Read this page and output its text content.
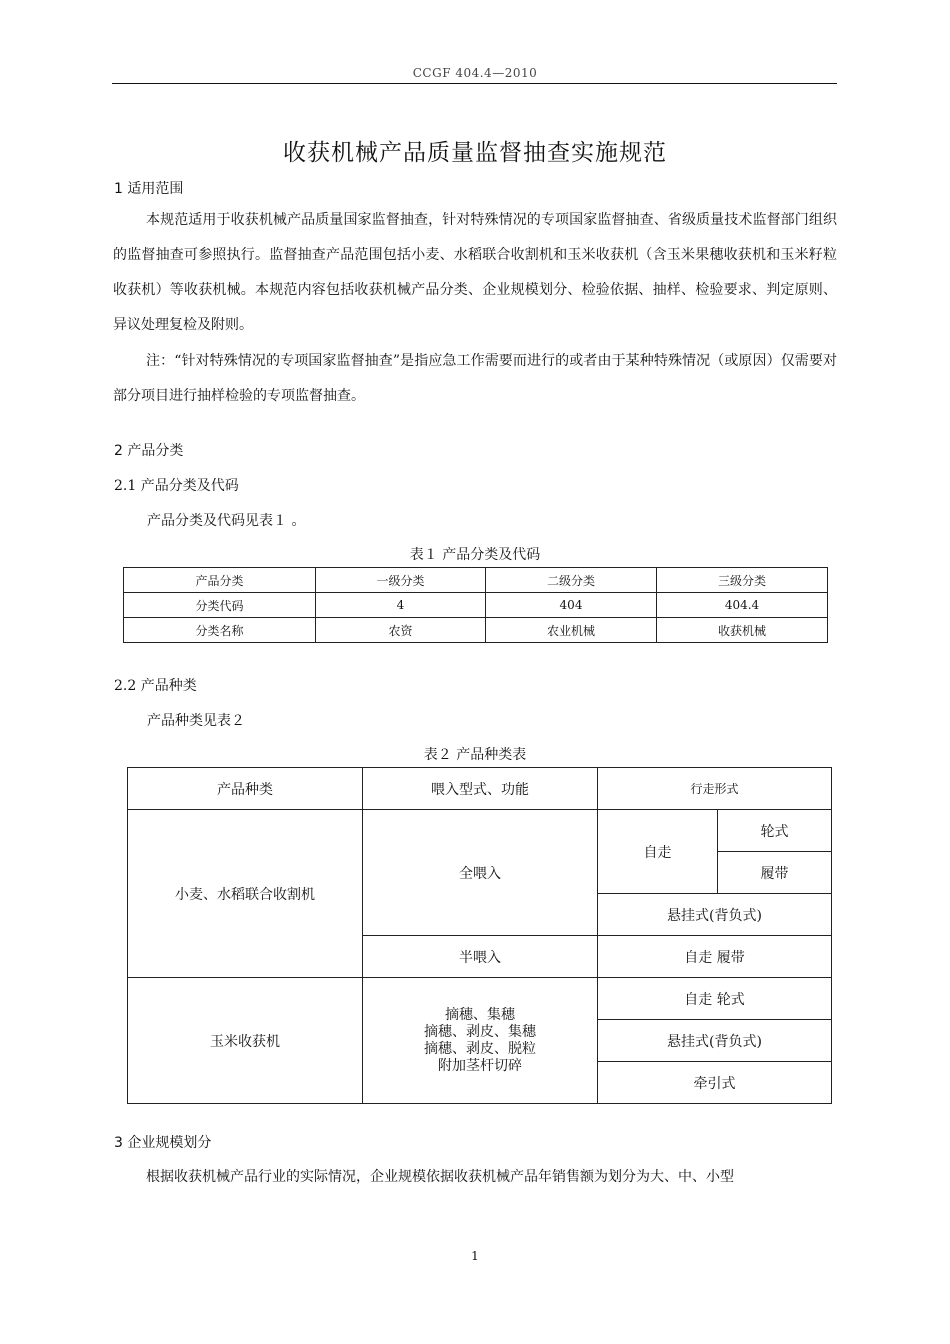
CCGF 404.4—2010
收获机械产品质量监督抽查实施规范
1 适用范围

本规范适用于收获机械产品质量国家监督抽查，针对特殊情况的专项国家监督抽查、省级质量技术监督部门组织的监督抽查可参照执行。监督抽查产品范围包括小麦、水稻联合收割机和玉米收获机（含玉米果穗收获机和玉米籽粒收获机）等收获机械。本规范内容包括收获机械产品分类、企业规模划分、检验依据、抽样、检验要求、判定原则、异议处理复检及附则。

注：“针对特殊情况的专项国家监督抽查”是指应急工作需要而进行的或者由于某种特殊情况（或原因）仅需要对部分项目进行抽样检验的专项监督抽查。

2 产品分类
2.1 产品分类及代码
产品分类及代码见表１ 。
表１ 产品分类及代码
产品分类	一级分类	二级分类	三级分类
分类代码	4	404	404.4
分类名称	农资	农业机械	收获机械
2.2 产品种类
产品种类见表２
表２ 产品种类表
产品种类	喂入型式、功能	行走形式	
小麦、水稻联合收割机	全喂入	自走	轮式
			履带
		悬挂式(背负式)	
	半喂入	自走 履带	
玉米收获机	摘穗、集穗
摘穗、剥皮、集穗
摘穗、剥皮、脱粒
附加茎杆切碎	自走 轮式	
		悬挂式(背负式)	
		牵引式	
3 企业规模划分

根据收获机械产品行业的实际情况，企业规模依据收获机械产品年销售额为划分为大、中、小型

1
